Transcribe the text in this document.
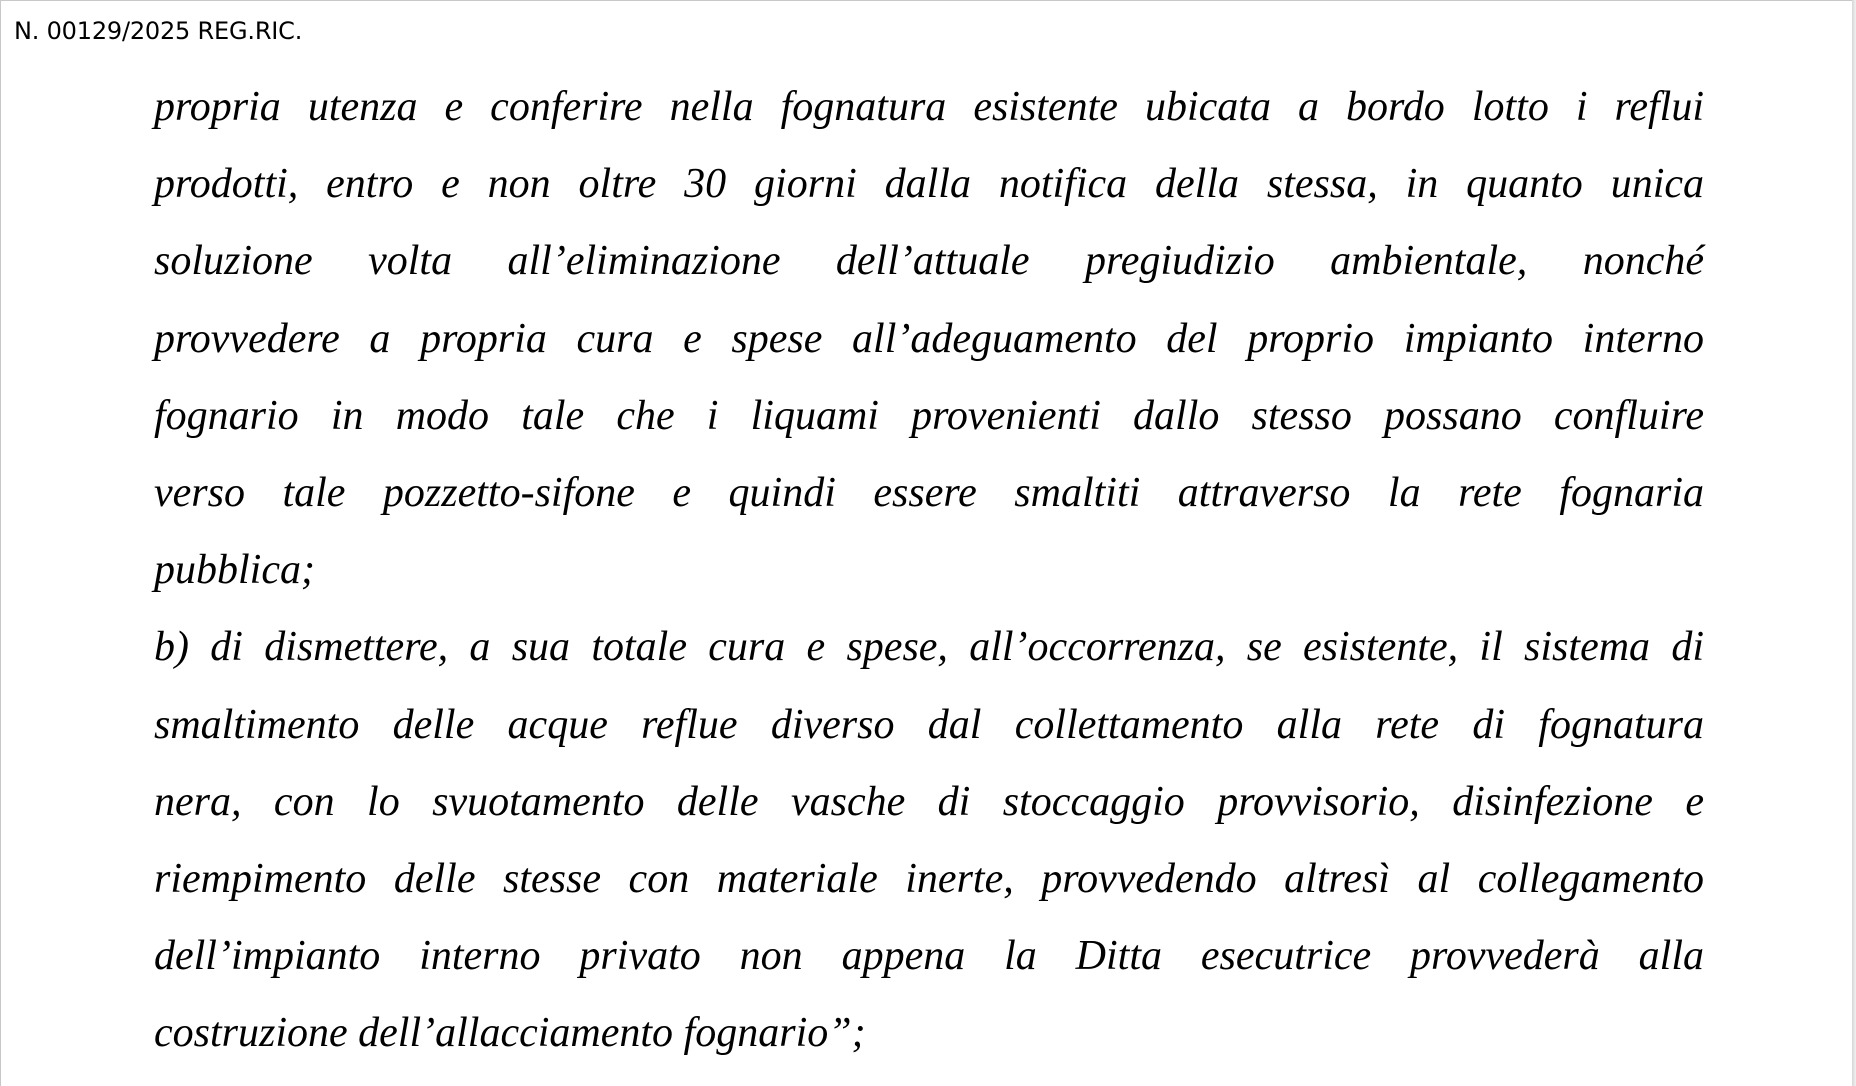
N. 00129/2025 REG.RIC.
propria utenza e conferire nella fognatura esistente ubicata a bordo lotto i reflui
prodotti, entro e non oltre 30 giorni dalla notifica della stessa, in quanto unica
soluzione volta all’eliminazione dell’attuale pregiudizio ambientale, nonché
provvedere a propria cura e spese all’adeguamento del proprio impianto interno
fognario in modo tale che i liquami provenienti dallo stesso possano confluire
verso tale pozzetto-sifone e quindi essere smaltiti attraverso la rete fognaria
pubblica;
b) di dismettere, a sua totale cura e spese, all’occorrenza, se esistente, il sistema di
smaltimento delle acque reflue diverso dal collettamento alla rete di fognatura
nera, con lo svuotamento delle vasche di stoccaggio provvisorio, disinfezione e
riempimento delle stesse con materiale inerte, provvedendo altresì al collegamento
dell’impianto interno privato non appena la Ditta esecutrice provvederà alla
costruzione dell’allacciamento fognario”;
